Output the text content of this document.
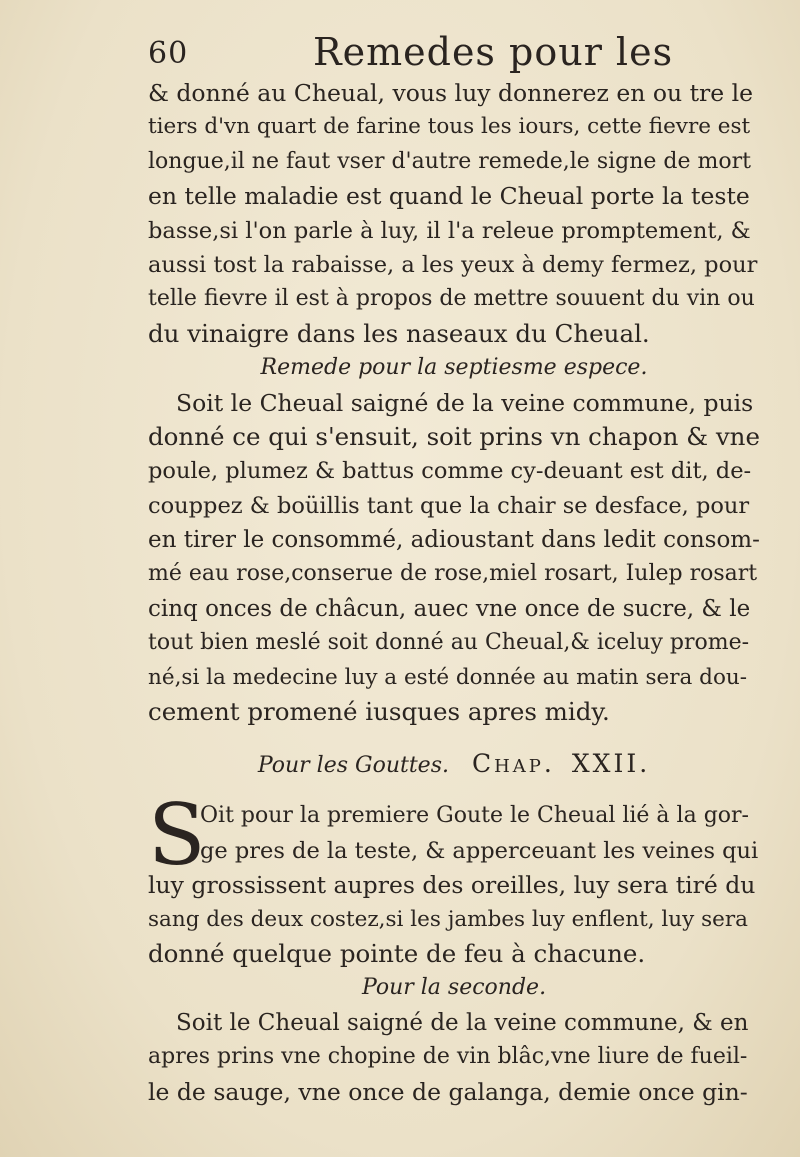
60	Remedes pour les
& donné au Cheual, vous luy donnerez en ou tre le
tiers d'vn quart de farine tous les iours, cette fievre est
longue,il ne faut vser d'autre remede,le signe de mort
en telle maladie est quand le Cheual porte la teste
basse,si l'on parle à luy, il l'a releue promptement, &
aussi tost la rabaisse, a les yeux à demy fermez, pour
telle fievre il est à propos de mettre souuent du vin ou
du vinaigre dans les naseaux du Cheual.
Remede pour la septiesme espece.
Soit le Cheual saigné de la veine commune, puis
donné ce qui s'ensuit, soit prins vn chapon & vne
poule, plumez & battus comme cy-deuant est dit, de-
couppez & boüillis tant que la chair se desface, pour
en tirer le consommé, adioustant dans ledit consom-
mé eau rose,conserue de rose,miel rosart, Iulep rosart
cinq onces de châcun, auec vne once de sucre, & le
tout bien meslé soit donné au Cheual,& iceluy prome-
né,si la medecine luy a esté donnée au matin sera dou-
cement promené iusques apres midy.
Pour les Gouttes. Chap. XXII.
S
Oit pour la premiere Goute le Cheual lié à la gor-
ge pres de la teste, & apperceuant les veines qui
luy grossissent aupres des oreilles, luy sera tiré du
sang des deux costez,si les jambes luy enflent, luy sera
donné quelque pointe de feu à chacune.
Pour la seconde.
Soit le Cheual saigné de la veine commune, & en
apres prins vne chopine de vin blâc,vne liure de fueil-
le de sauge, vne once de galanga, demie once gin-
